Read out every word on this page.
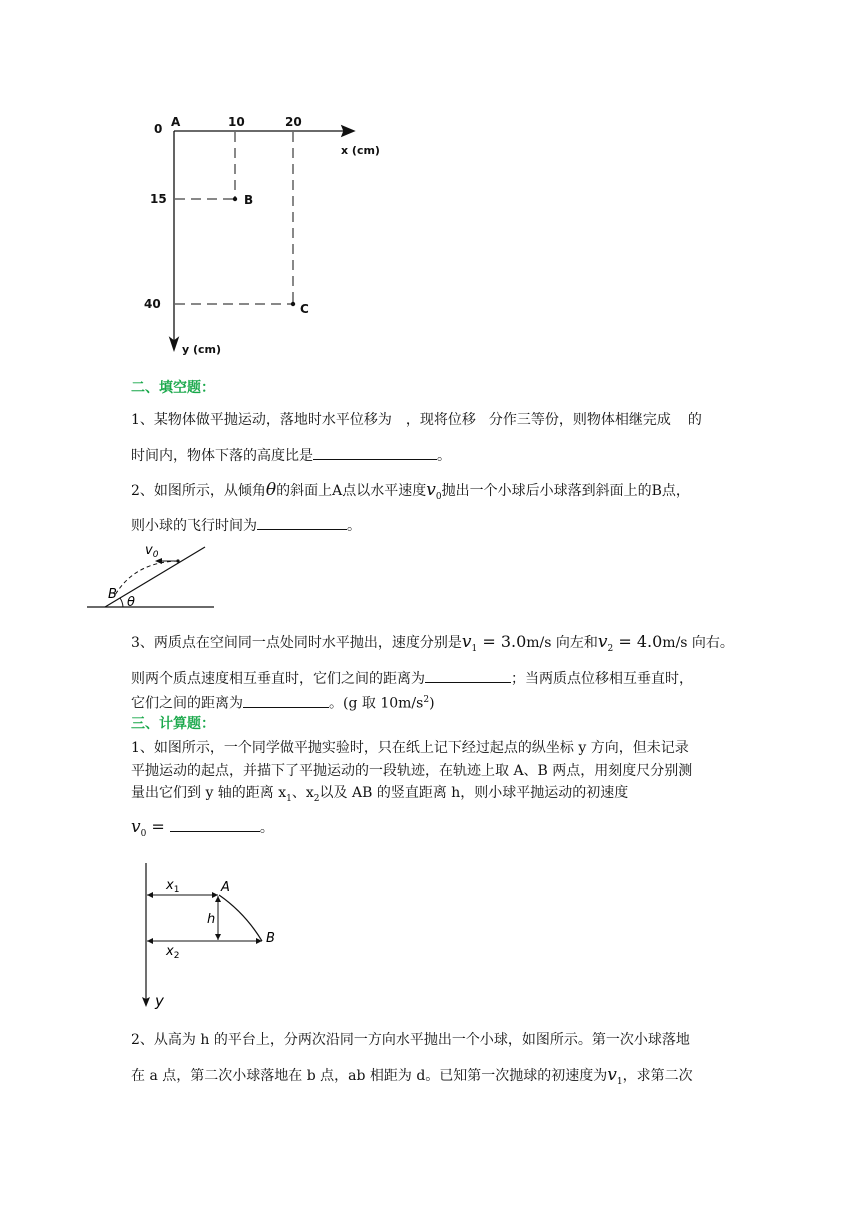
0 A	10	20
x (cm)
15
40
B
C
y (cm)
二、填空题：
1、某物体做平抛运动，落地时水平位移为 ，现将位移 分作三等份，则物体相继完成 的
时间内，物体下落的高度比是	。
2、如图所示，从倾角θ的斜面上A点以水平速度$v_0$抛出一个小球后小球落到斜面上的B点，
则小球的飞行时间为	。
$v_0$
B
θ
3、两质点在空间同一点处同时水平抛出，速度分别是$v_1 = 3.0m/s$ 向左和$v_2 = 4.0m/s$ 向右。
则两个质点速度相互垂直时，它们之间的距离为	；当两质点位移相互垂直时，
它们之间的距离为	。(g 取 $10m/s^2$)
三、计算题：
1、如图所示，一个同学做平抛实验时，只在纸上记下经过起点的纵坐标 y 方向，但未记录
平抛运动的起点，并描下了平抛运动的一段轨迹，在轨迹上取 A、B 两点，用刻度尺分别测
量出它们到 y 轴的距离 $x_1$、$x_2$以及 AB 的竖直距离 h，则小球平抛运动的初速度
$v_0$ =	。
$x_1$	A
h
B
$x_2$
y
2、从高为 h 的平台上，分两次沿同一方向水平抛出一个小球，如图所示。第一次小球落地
在 a 点，第二次小球落地在 b 点，ab 相距为 d。已知第一次抛球的初速度为$v_1$，求第二次
